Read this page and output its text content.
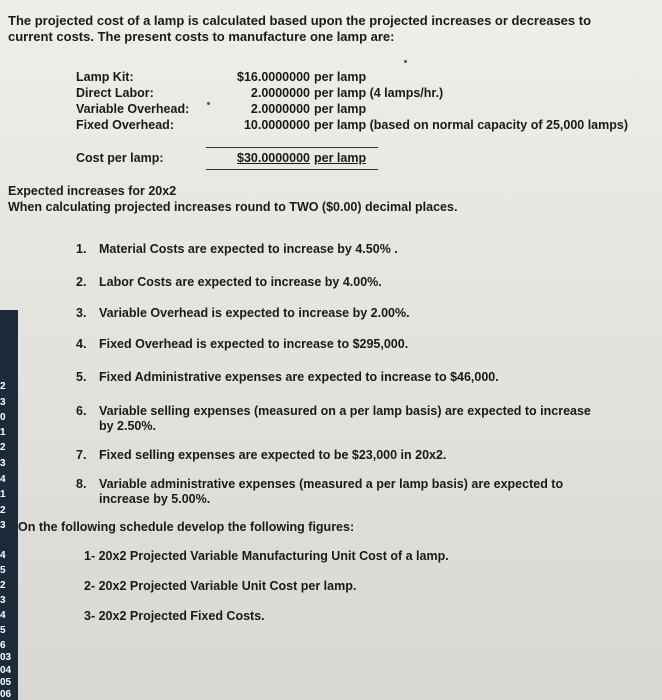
The projected cost of a lamp is calculated based upon the projected increases or decreases to current costs. The present costs to manufacture one lamp are:
Lamp Kit:	$16.0000000 per lamp
Direct Labor:	2.0000000 per lamp (4 lamps/hr.)
Variable Overhead:	2.0000000 per lamp
Fixed Overhead:	10.0000000 per lamp (based on normal capacity of 25,000 lamps)
Cost per lamp:	$30.0000000 per lamp
Expected increases for 20x2
When calculating projected increases round to TWO ($0.00) decimal places.
1. Material Costs are expected to increase by 4.50% .
2. Labor Costs are expected to increase by 4.00%.
3. Variable Overhead is expected to increase by 2.00%.
4. Fixed Overhead is expected to increase to $295,000.
5. Fixed Administrative expenses are expected to increase to $46,000.
6. Variable selling expenses (measured on a per lamp basis) are expected to increase
by 2.50%.
7. Fixed selling expenses are expected to be $23,000 in 20x2.
8. Variable administrative expenses (measured a per lamp basis) are expected to
increase by 5.00%.
On the following schedule develop the following figures:
1- 20x2 Projected Variable Manufacturing Unit Cost of a lamp.
2- 20x2 Projected Variable Unit Cost per lamp.
3- 20x2 Projected Fixed Costs.
2
3
0
1
2
3
4
1
2
3
4
5
2
3
4
5
6
03
04
05
06
